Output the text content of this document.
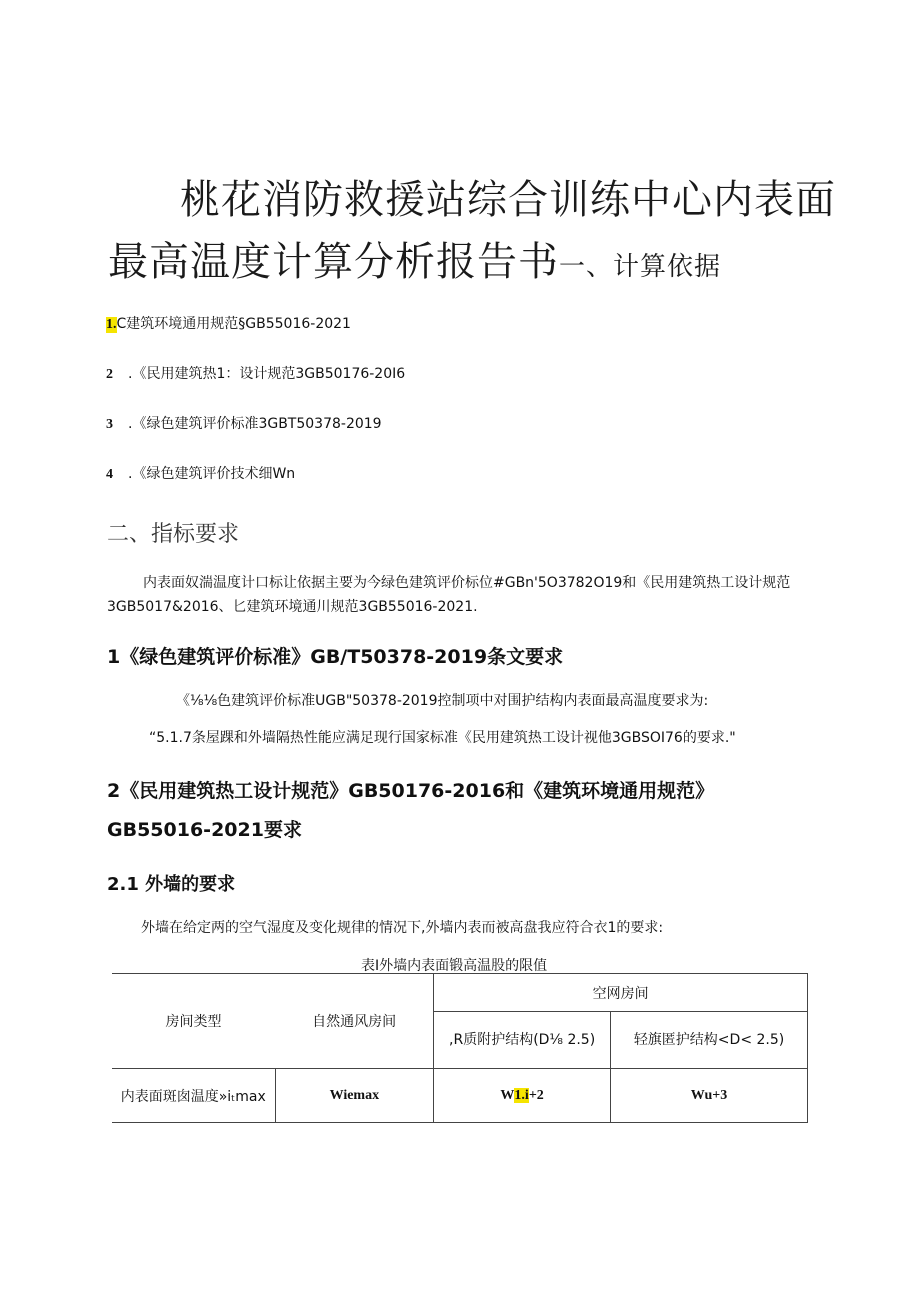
桃花消防救援站综合训练中心内表面
最高温度计算分析报告书一、计算依据
1.C建筑环境通用规范§GB55016-2021
2 .《民用建筑热1：设计规范3GB50176-20I6
3 .《绿色建筑评价标准3GBT50378-2019
4 .《绿色建筑评价技术细Wn
二、指标要求
内表面奴湍温度计口标让依据主要为今绿色建筑评价标位#GBn'5O3782O19和《民用建筑热工设计规范
3GB5017&2016、匕建筑环境通川规范3GB55016-2021.
1《绿色建筑评价标准》GB/T50378-2019条文要求
《⅛⅛色建筑评价标准UGB"50378-2019控制项中对围护结构内表面最高温度要求为:
“5.1.7条屋踝和外墙隔热性能应满足现行国家标准《民用建筑热工设计视他3GBSOI76的要求."
2《民用建筑热工设计规范》GB50176-2016和《建筑环境通用规范》
GB55016-2021要求
2.1 外墙的要求
外墙在给定两的空气湿度及变化规律的情况下,外墙内表而被高盘我应符合衣1的要求:
表I外墙内表面锻高温股的限值
房间类型	自然通风房间	空网房间	
		,R质附护结构(D⅛ 2.5)	轻旗匿护结构<D< 2.5)
内表面斑囱温度»iₜmax	Wiemax	W1.i+2	Wu+3
